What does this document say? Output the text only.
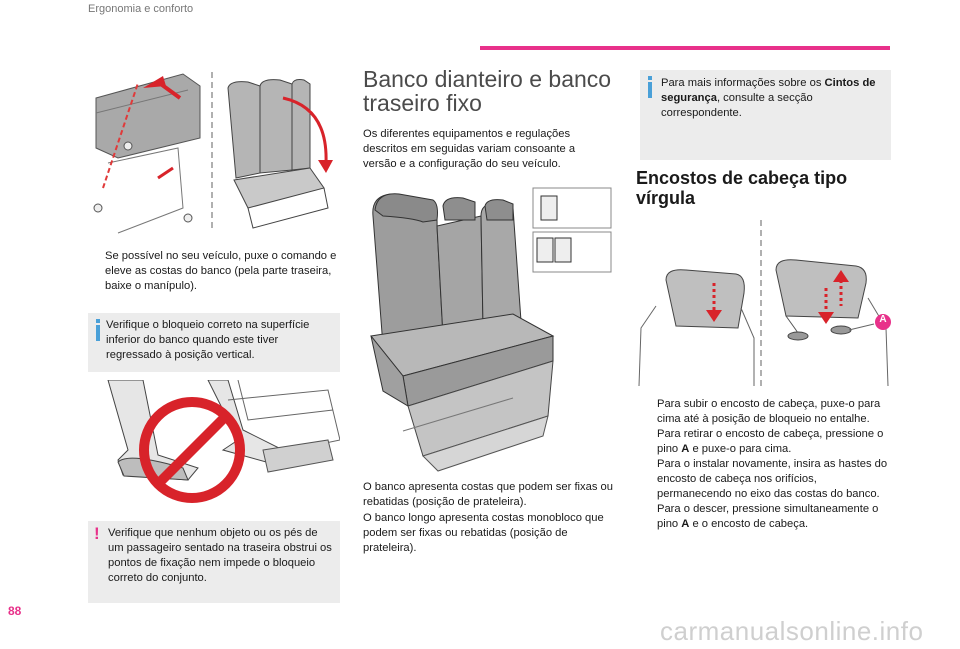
Ergonomia e conforto
Se possível no seu veículo, puxe o comando e eleve as costas do banco (pela parte traseira, baixe o manípulo).
Verifique o bloqueio correto na superfície inferior do banco quando este tiver regressado à posição vertical.
! Verifique que nenhum objeto ou os pés de um passageiro sentado na traseira obstrui os pontos de fixação nem impede o bloqueio correto do conjunto.
Banco dianteiro e banco
traseiro fixo
Os diferentes equipamentos e regulações descritos em seguidas variam consoante a versão e a configuração do seu veículo.
O banco apresenta costas que podem ser fixas ou rebatidas (posição de prateleira).
O banco longo apresenta costas monobloco que podem ser fixas ou rebatidas (posição de prateleira).
Para mais informações sobre os Cintos de segurança, consulte a secção correspondente.
Encostos de cabeça tipo
vírgula
A
Para subir o encosto de cabeça, puxe-o para cima até à posição de bloqueio no entalhe.
Para retirar o encosto de cabeça, pressione o pino A e puxe-o para cima.
Para o instalar novamente, insira as hastes do encosto de cabeça nos orifícios, permanecendo no eixo das costas do banco.
Para o descer, pressione simultaneamente o pino A e o encosto de cabeça.
88
carmanualsonline.info
